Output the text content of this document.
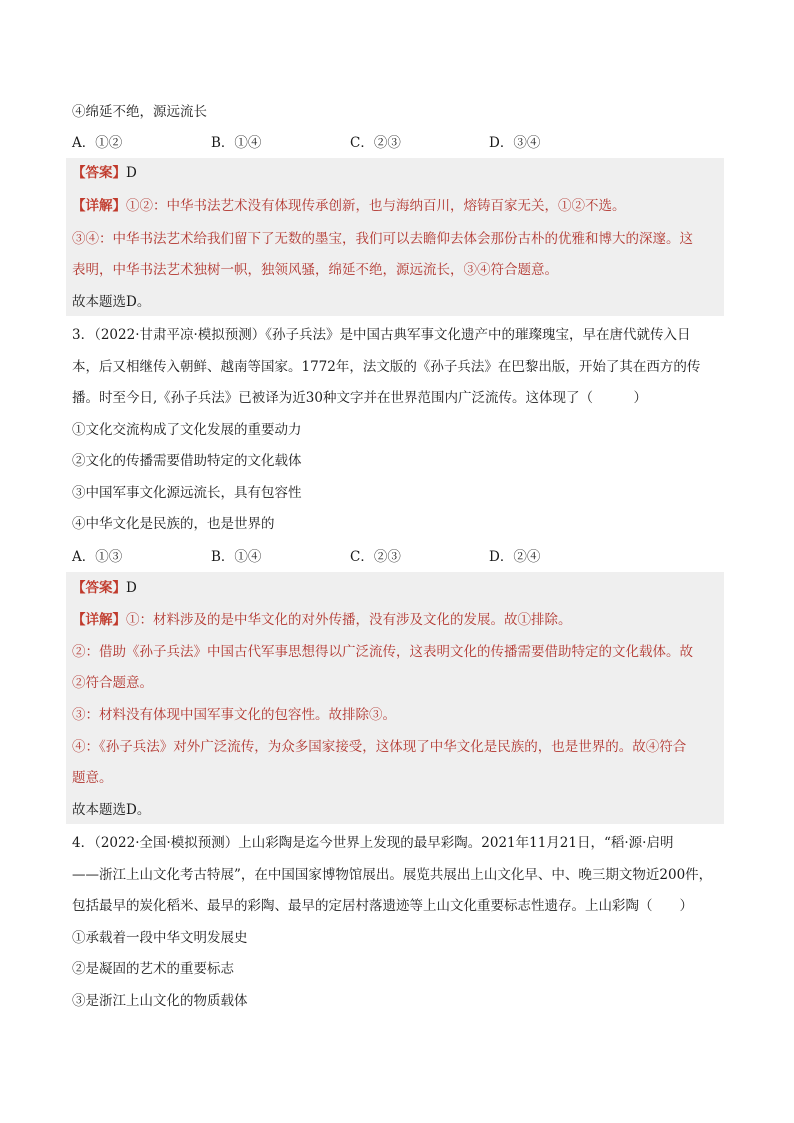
④绵延不绝，源远流长
A．①②	B．①④	C．②③	D．③④
【答案】D
【详解】①②：中华书法艺术没有体现传承创新，也与海纳百川，熔铸百家无关，①②不选。
③④：中华书法艺术给我们留下了无数的墨宝，我们可以去瞻仰去体会那份古朴的优雅和博大的深邃。这
表明，中华书法艺术独树一帜，独领风骚，绵延不绝，源远流长，③④符合题意。
故本题选D。
3．（2022·甘肃平凉·模拟预测）《孙子兵法》是中国古典军事文化遗产中的璀璨瑰宝，早在唐代就传入日
本，后又相继传入朝鲜、越南等国家。1772年，法文版的《孙子兵法》在巴黎出版，开始了其在西方的传
播。时至今日,《孙子兵法》已被译为近30种文字并在世界范围内广泛流传。这体现了（　　　）
①文化交流构成了文化发展的重要动力
②文化的传播需要借助特定的文化载体
③中国军事文化源远流长，具有包容性
④中华文化是民族的，也是世界的
A．①③	B．①④	C．②③	D．②④
【答案】D
【详解】①：材料涉及的是中华文化的对外传播，没有涉及文化的发展。故①排除。
②：借助《孙子兵法》中国古代军事思想得以广泛流传，这表明文化的传播需要借助特定的文化载体。故
②符合题意。
③：材料没有体现中国军事文化的包容性。故排除③。
④：《孙子兵法》对外广泛流传，为众多国家接受，这体现了中华文化是民族的，也是世界的。故④符合
题意。
故本题选D。
4．（2022·全国·模拟预测）上山彩陶是迄今世界上发现的最早彩陶。2021年11月21日，“稻·源·启明
——浙江上山文化考古特展”，在中国国家博物馆展出。展览共展出上山文化早、中、晚三期文物近200件，
包括最早的炭化稻米、最早的彩陶、最早的定居村落遗迹等上山文化重要标志性遗存。上山彩陶（　　）
①承载着一段中华文明发展史
②是凝固的艺术的重要标志
③是浙江上山文化的物质载体
